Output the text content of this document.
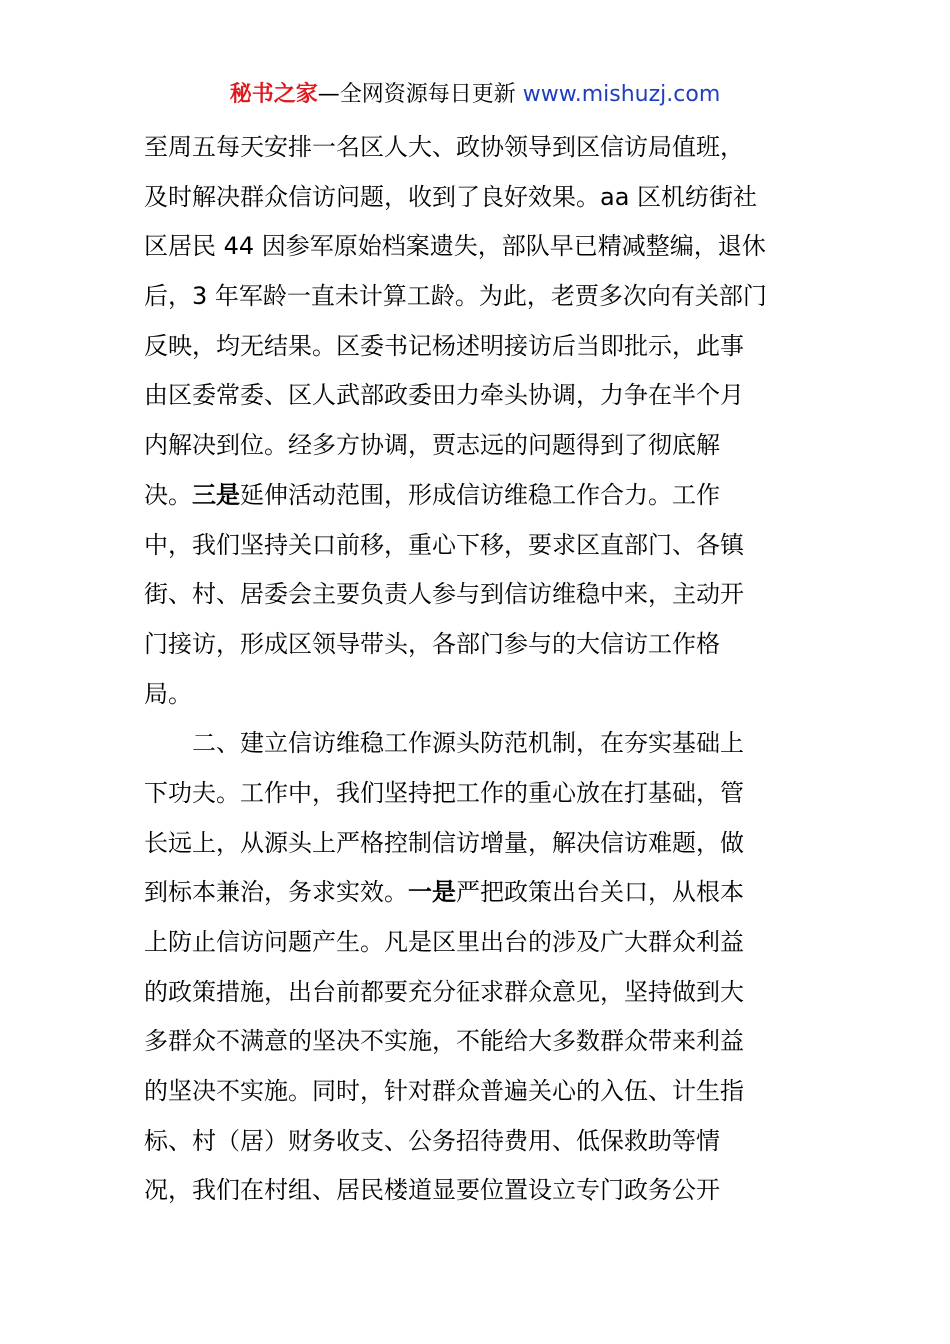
秘书之家—全网资源每日更新 www.mishuzj.com
至周五每天安排一名区人大、政协领导到区信访局值班，
及时解决群众信访问题，收到了良好效果。aa 区机纺街社
区居民 44 因参军原始档案遗失，部队早已精减整编，退休
后，3 年军龄一直未计算工龄。为此，老贾多次向有关部门
反映，均无结果。区委书记杨述明接访后当即批示，此事
由区委常委、区人武部政委田力牵头协调，力争在半个月
内解决到位。经多方协调，贾志远的问题得到了彻底解
决。三是延伸活动范围，形成信访维稳工作合力。工作
中，我们坚持关口前移，重心下移，要求区直部门、各镇
街、村、居委会主要负责人参与到信访维稳中来，主动开
门接访，形成区领导带头，各部门参与的大信访工作格
局。
二、建立信访维稳工作源头防范机制，在夯实基础上
下功夫。工作中，我们坚持把工作的重心放在打基础，管
长远上，从源头上严格控制信访增量，解决信访难题，做
到标本兼治，务求实效。一是严把政策出台关口，从根本
上防止信访问题产生。凡是区里出台的涉及广大群众利益
的政策措施，出台前都要充分征求群众意见，坚持做到大
多群众不满意的坚决不实施，不能给大多数群众带来利益
的坚决不实施。同时，针对群众普遍关心的入伍、计生指
标、村（居）财务收支、公务招待费用、低保救助等情
况，我们在村组、居民楼道显要位置设立专门政务公开
